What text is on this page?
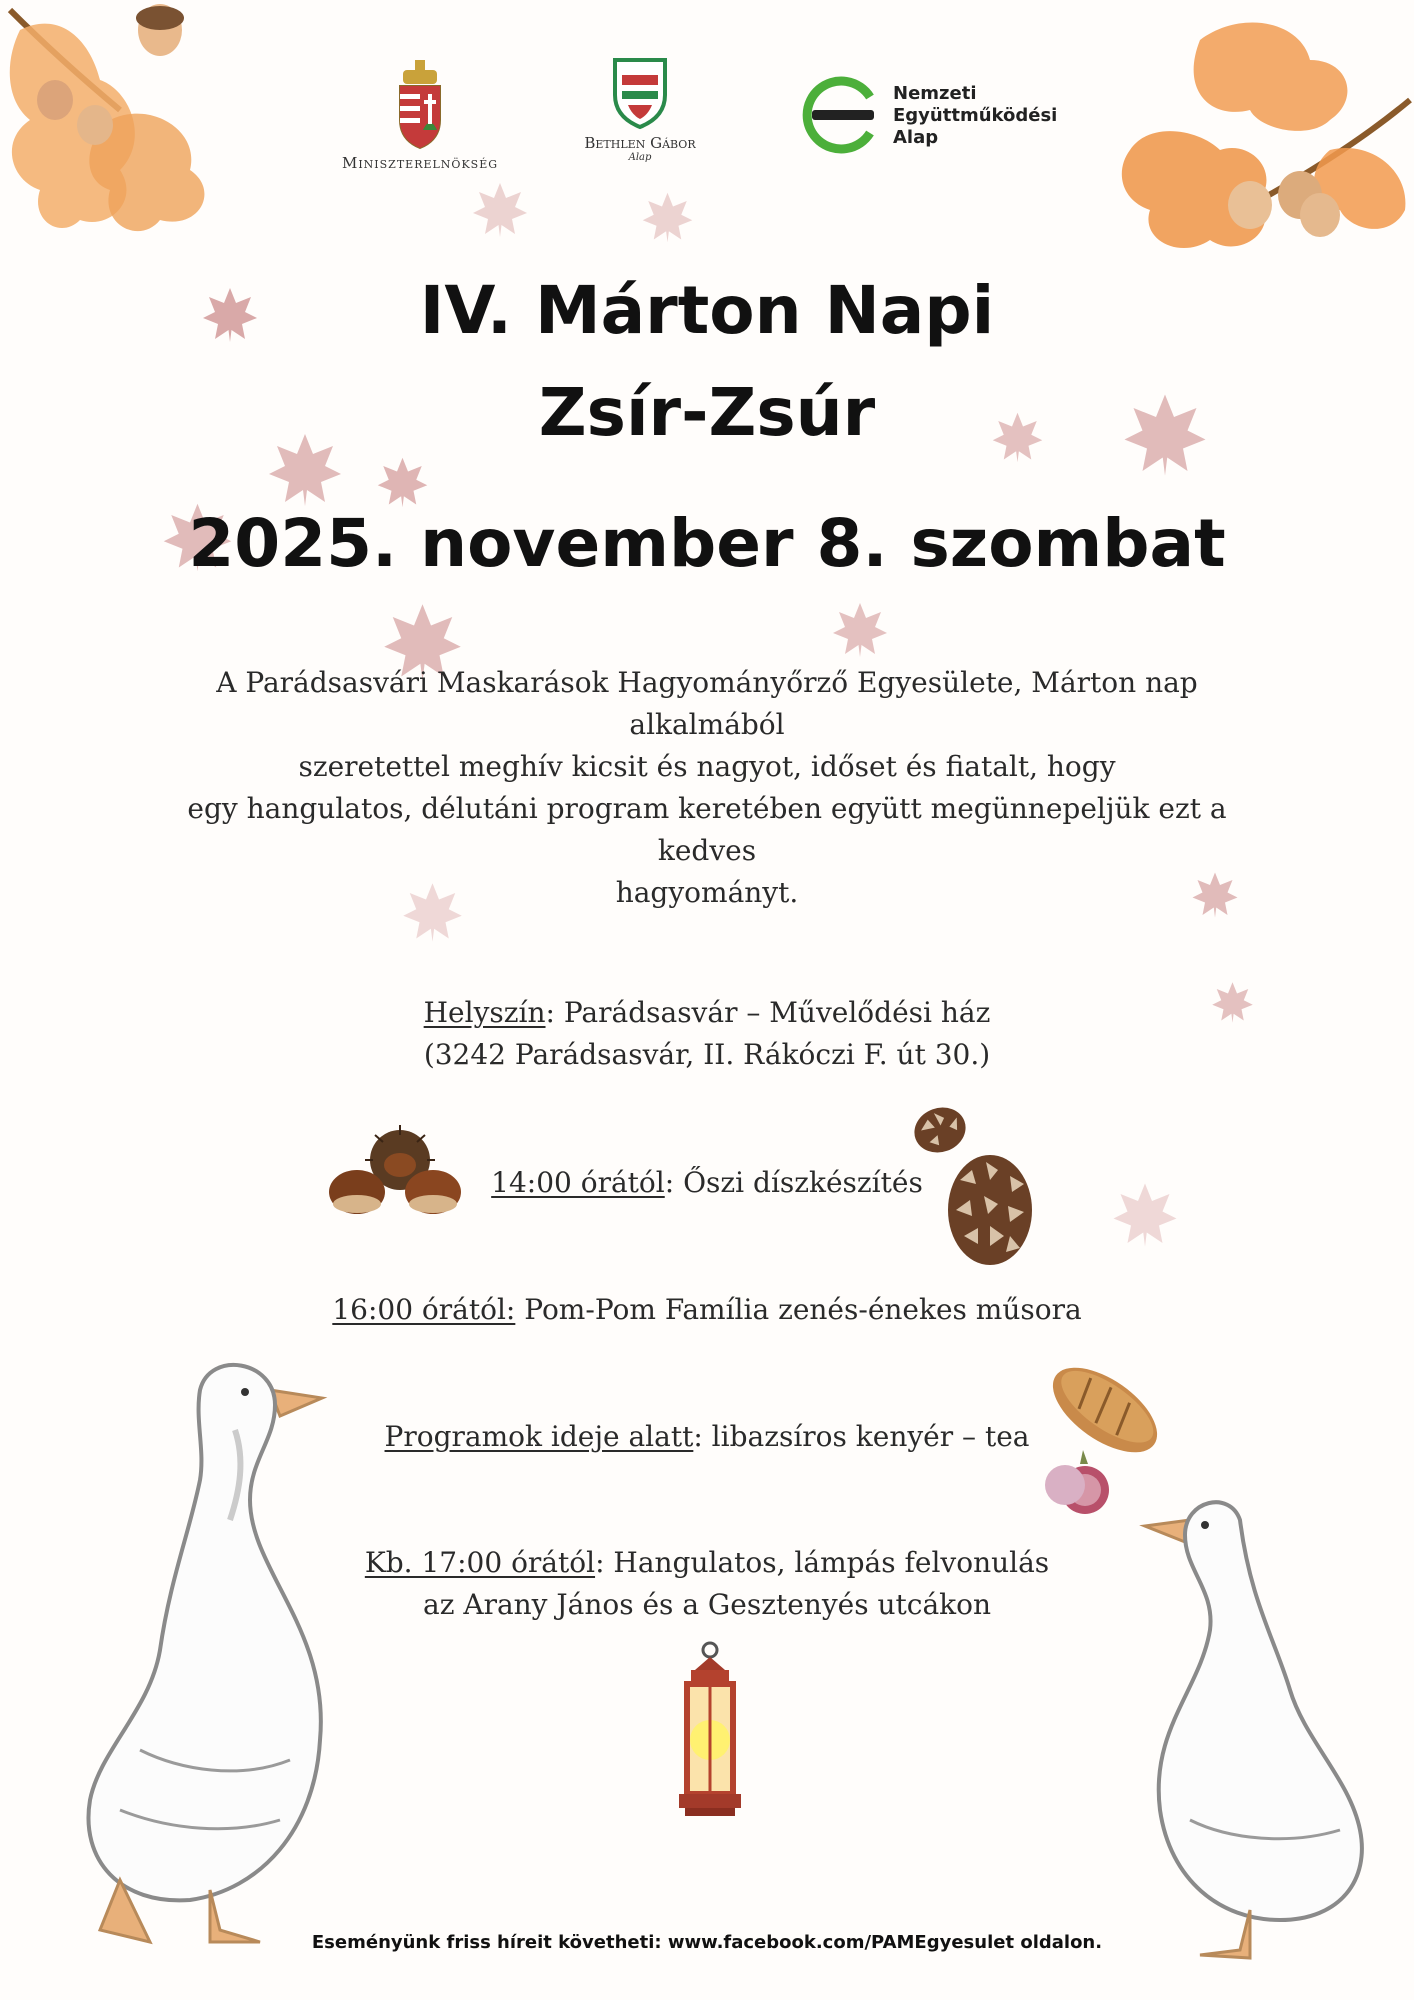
Miniszterelnökség
Bethlen Gábor
Alap
Nemzeti
Együttműködési
Alap
IV. Márton Napi
Zsír-Zsúr
2025. november 8. szombat
A Parádsasvári Maskarások Hagyományőrző Egyesülete, Márton nap
alkalmából
szeretettel meghív kicsit és nagyot, időset és fiatalt, hogy
egy hangulatos, délutáni program keretében együtt megünnepeljük ezt a
kedves
hagyományt.
Helyszín: Parádsasvár – Művelődési ház
(3242 Parádsasvár, II. Rákóczi F. út 30.)
14:00 órától: Őszi díszkészítés
16:00 órától: Pom-Pom Família zenés-énekes műsora
Programok ideje alatt: libazsíros kenyér – tea
Kb. 17:00 órától: Hangulatos, lámpás felvonulás
az Arany János és a Gesztenyés utcákon
Eseményünk friss híreit követheti: www.facebook.com/PAMEgyesulet oldalon.
